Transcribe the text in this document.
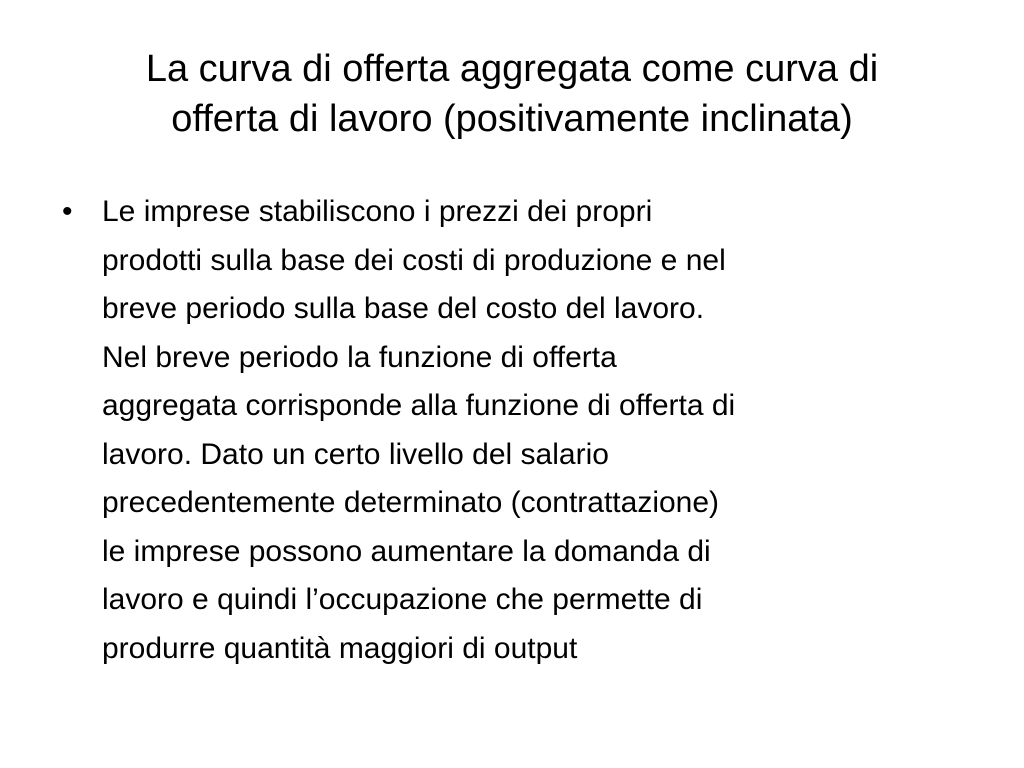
La curva di offerta aggregata come curva di
offerta di lavoro (positivamente inclinata)
• Le imprese stabiliscono i prezzi dei propri
prodotti sulla base dei costi di produzione e nel
breve periodo sulla base del costo del lavoro.
Nel breve periodo la funzione di offerta
aggregata corrisponde alla funzione di offerta di
lavoro. Dato un certo livello del salario
precedentemente determinato (contrattazione)
le imprese possono aumentare la domanda di
lavoro e quindi l’occupazione che permette di
produrre quantità maggiori di output
